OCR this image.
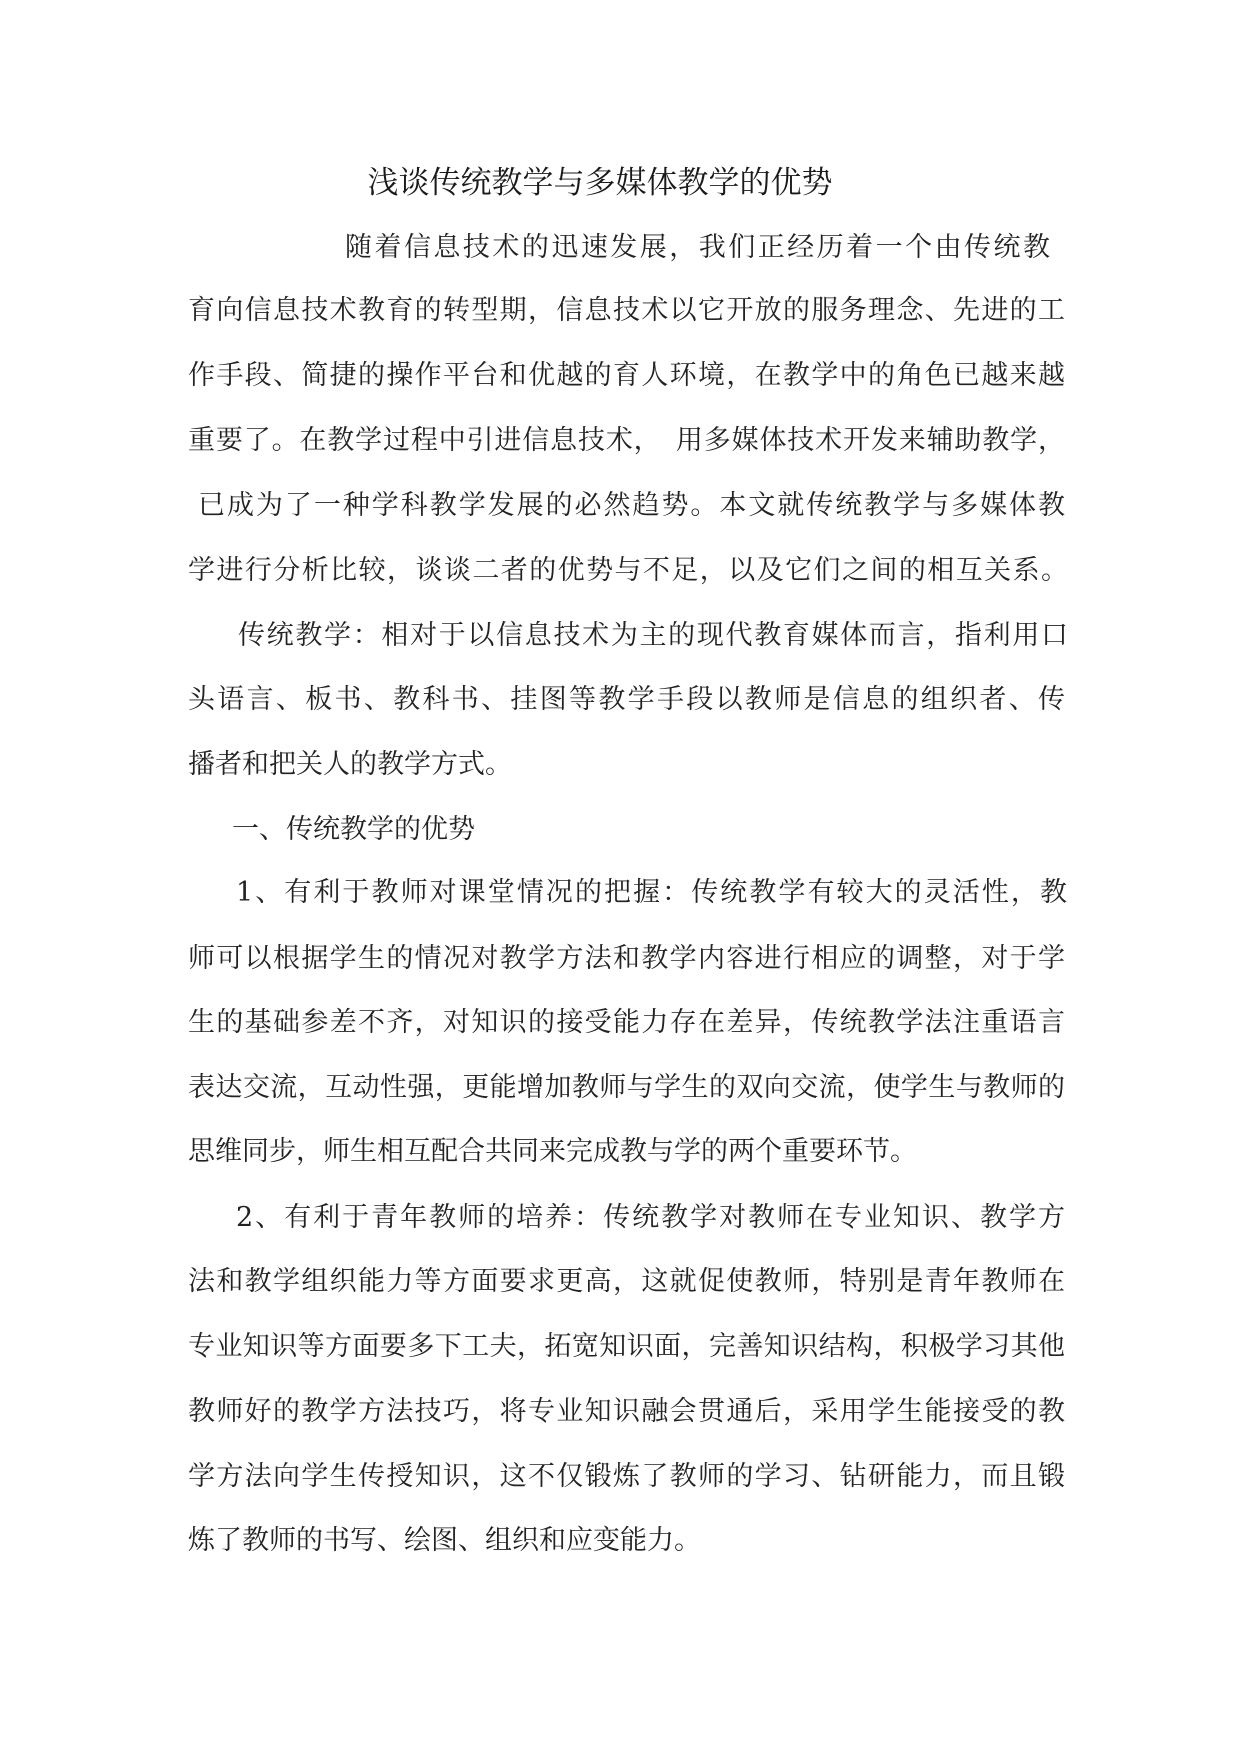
浅谈传统教学与多媒体教学的优势
随着信息技术的迅速发展，我们正经历着一个由传统教
育向信息技术教育的转型期，信息技术以它开放的服务理念、先进的工
作手段、简捷的操作平台和优越的育人环境，在教学中的角色已越来越
重要了。在教学过程中引进信息技术，　用多媒体技术开发来辅助教学，
已成为了一种学科教学发展的必然趋势。本文就传统教学与多媒体教
学进行分析比较，谈谈二者的优势与不足，以及它们之间的相互关系。
传统教学：相对于以信息技术为主的现代教育媒体而言，指利用口
头语言、板书、教科书、挂图等教学手段以教师是信息的组织者、传
播者和把关人的教学方式。
一、传统教学的优势
1、有利于教师对课堂情况的把握：传统教学有较大的灵活性，教
师可以根据学生的情况对教学方法和教学内容进行相应的调整，对于学
生的基础参差不齐，对知识的接受能力存在差异，传统教学法注重语言
表达交流，互动性强，更能增加教师与学生的双向交流，使学生与教师的
思维同步，师生相互配合共同来完成教与学的两个重要环节。
2、有利于青年教师的培养：传统教学对教师在专业知识、教学方
法和教学组织能力等方面要求更高，这就促使教师，特别是青年教师在
专业知识等方面要多下工夫，拓宽知识面，完善知识结构，积极学习其他
教师好的教学方法技巧，将专业知识融会贯通后，采用学生能接受的教
学方法向学生传授知识，这不仅锻炼了教师的学习、钻研能力，而且锻
炼了教师的书写、绘图、组织和应变能力。
